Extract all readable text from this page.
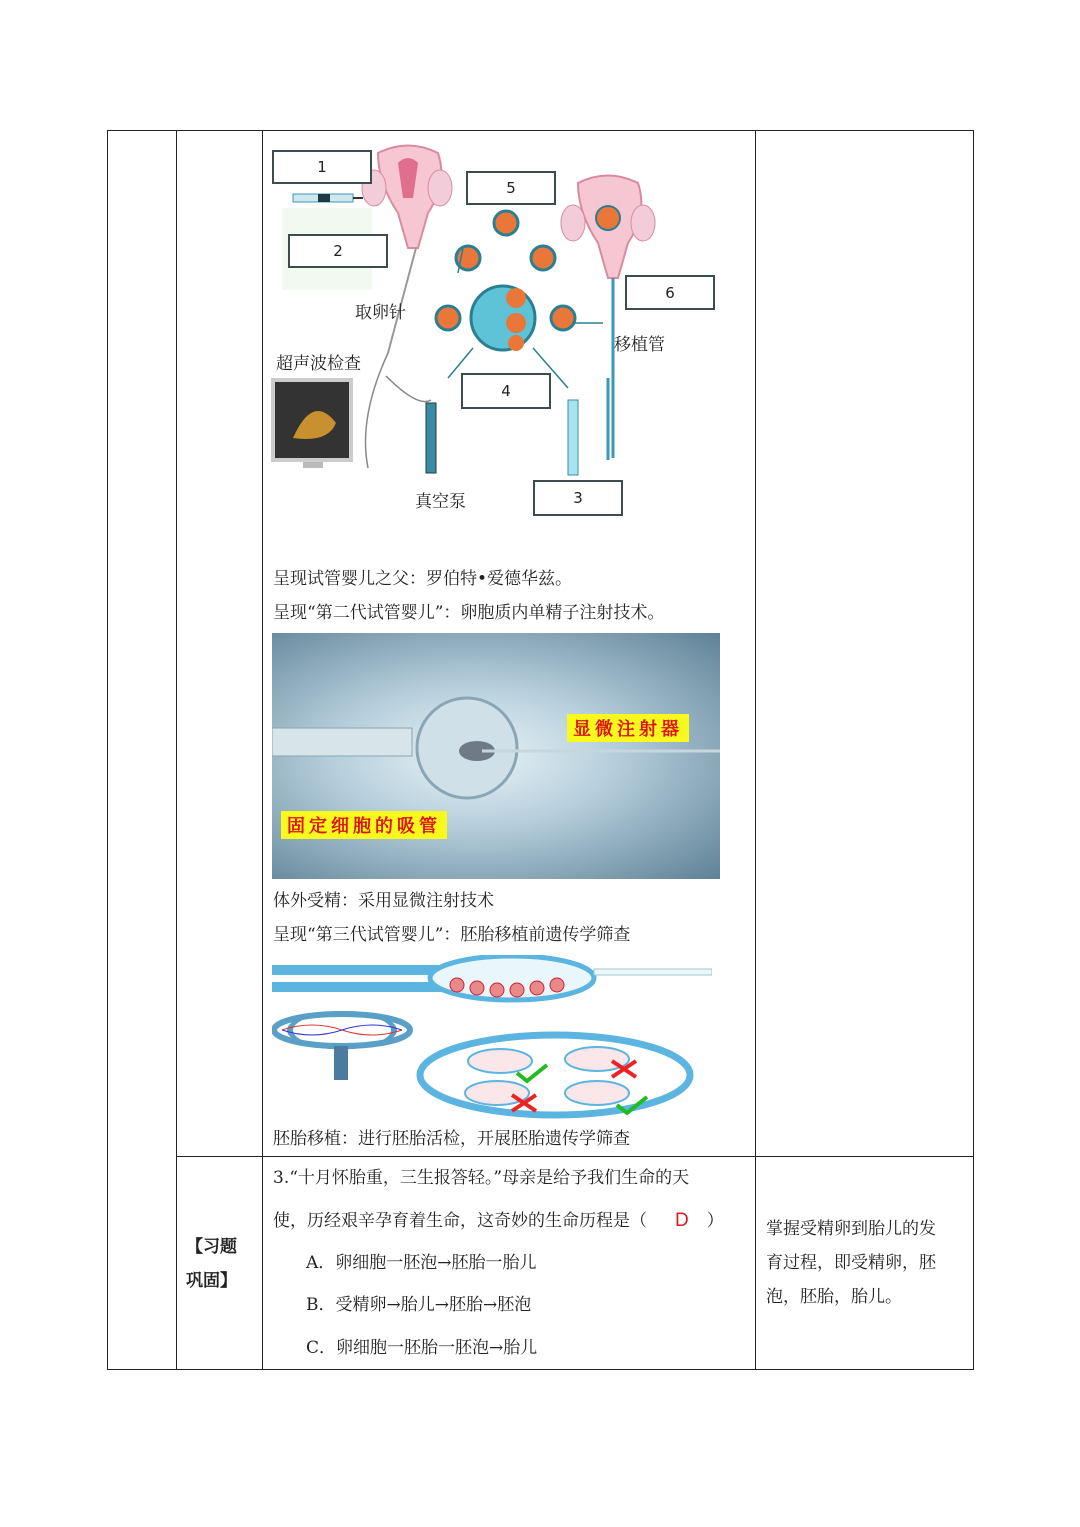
1
2
5
6
4
3
取卵针
超声波检查
真空泵
移植管
呈现试管婴儿之父：罗伯特•爱德华兹。
呈现“第二代试管婴儿”：卵胞质内单精子注射技术。
显微注射器
固定细胞的吸管
体外受精：采用显微注射技术
呈现“第三代试管婴儿”：胚胎移植前遗传学筛查
胚胎移植：进行胚胎活检，开展胚胎遗传学筛查
【习题
巩固】
3.“十月怀胎重，三生报答轻。”母亲是给予我们生命的天
使，历经艰辛孕育着生命，这奇妙的生命历程是（ D ）
A．卵细胞一胚泡→胚胎一胎儿
B．受精卵→胎儿→胚胎→胚泡
C．卵细胞一胚胎一胚泡→胎儿
掌握受精卵到胎儿的发
育过程，即受精卵，胚
泡，胚胎，胎儿。
